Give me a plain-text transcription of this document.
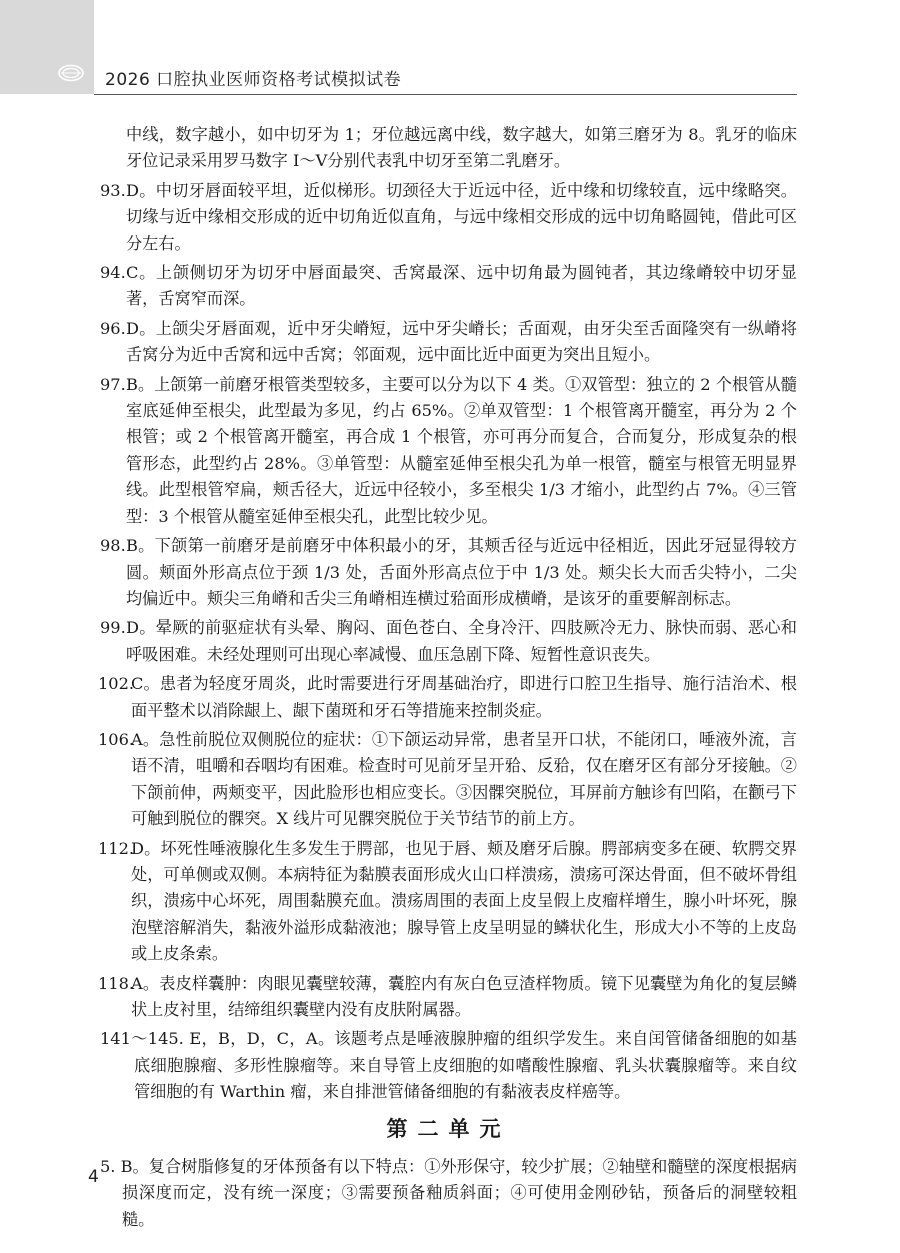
2026 口腔执业医师资格考试模拟试卷

中线，数字越小，如中切牙为 1；牙位越远离中线，数字越大，如第三磨牙为 8。乳牙的临床牙位记录采用罗马数字 Ⅰ～Ⅴ分别代表乳中切牙至第二乳磨牙。

93. D。中切牙唇面较平坦，近似梯形。切颈径大于近远中径，近中缘和切缘较直，远中缘略突。切缘与近中缘相交形成的近中切角近似直角，与远中缘相交形成的远中切角略圆钝，借此可区分左右。

94. C。上颌侧切牙为切牙中唇面最突、舌窝最深、远中切角最为圆钝者，其边缘嵴较中切牙显著，舌窝窄而深。

96. D。上颌尖牙唇面观，近中牙尖嵴短，远中牙尖嵴长；舌面观，由牙尖至舌面隆突有一纵嵴将舌窝分为近中舌窝和远中舌窝；邻面观，远中面比近中面更为突出且短小。

97. B。上颌第一前磨牙根管类型较多，主要可以分为以下 4 类。①双管型：独立的 2 个根管从髓室底延伸至根尖，此型最为多见，约占 65%。②单双管型：1 个根管离开髓室，再分为 2 个根管；或 2 个根管离开髓室，再合成 1 个根管，亦可再分而复合，合而复分，形成复杂的根管形态，此型约占 28%。③单管型：从髓室延伸至根尖孔为单一根管，髓室与根管无明显界线。此型根管窄扁，颊舌径大，近远中径较小，多至根尖 1/3 才缩小，此型约占 7%。④三管型：3 个根管从髓室延伸至根尖孔，此型比较少见。

98. B。下颌第一前磨牙是前磨牙中体积最小的牙，其颊舌径与近远中径相近，因此牙冠显得较方圆。颊面外形高点位于颈 1/3 处，舌面外形高点位于中 1/3 处。颊尖长大而舌尖特小，二尖均偏近中。颊尖三角嵴和舌尖三角嵴相连横过𬌗面形成横嵴，是该牙的重要解剖标志。

99. D。晕厥的前驱症状有头晕、胸闷、面色苍白、全身冷汗、四肢厥冷无力、脉快而弱、恶心和呼吸困难。未经处理则可出现心率减慢、血压急剧下降、短暂性意识丧失。

102.
C。患者为轻度牙周炎，此时需要进行牙周基础治疗，即进行口腔卫生指导、施行洁治术、根面平整术以消除龈上、龈下菌斑和牙石等措施来控制炎症。

106.
A。急性前脱位双侧脱位的症状：①下颌运动异常，患者呈开口状，不能闭口，唾液外流，言语不清，咀嚼和吞咽均有困难。检查时可见前牙呈开𬌗、反𬌗，仅在磨牙区有部分牙接触。②下颌前伸，两颊变平，因此脸形也相应变长。③因髁突脱位，耳屏前方触诊有凹陷，在颧弓下可触到脱位的髁突。X 线片可见髁突脱位于关节结节的前上方。

112.
D。坏死性唾液腺化生多发生于腭部，也见于唇、颊及磨牙后腺。腭部病变多在硬、软腭交界处，可单侧或双侧。本病特征为黏膜表面形成火山口样溃疡，溃疡可深达骨面，但不破坏骨组织，溃疡中心坏死，周围黏膜充血。溃疡周围的表面上皮呈假上皮瘤样增生，腺小叶坏死，腺泡壁溶解消失，黏液外溢形成黏液池；腺导管上皮呈明显的鳞状化生，形成大小不等的上皮岛或上皮条索。

118.
A。表皮样囊肿：肉眼见囊壁较薄，囊腔内有灰白色豆渣样物质。镜下见囊壁为角化的复层鳞状上皮衬里，结缔组织囊壁内没有皮肤附属器。

141～145. E，B，D，C，A。该题考点是唾液腺肿瘤的组织学发生。来自闰管储备细胞的如基底细胞腺瘤、多形性腺瘤等。来自导管上皮细胞的如嗜酸性腺瘤、乳头状囊腺瘤等。来自纹管细胞的有 Warthin 瘤，来自排泄管储备细胞的有黏液表皮样癌等。

第二单元

5. B。复合树脂修复的牙体预备有以下特点：①外形保守，较少扩展；②轴壁和髓壁的深度根据病损深度而定，没有统一深度；③需要预备釉质斜面；④可使用金刚砂钻，预备后的洞壁较粗糙。

4
